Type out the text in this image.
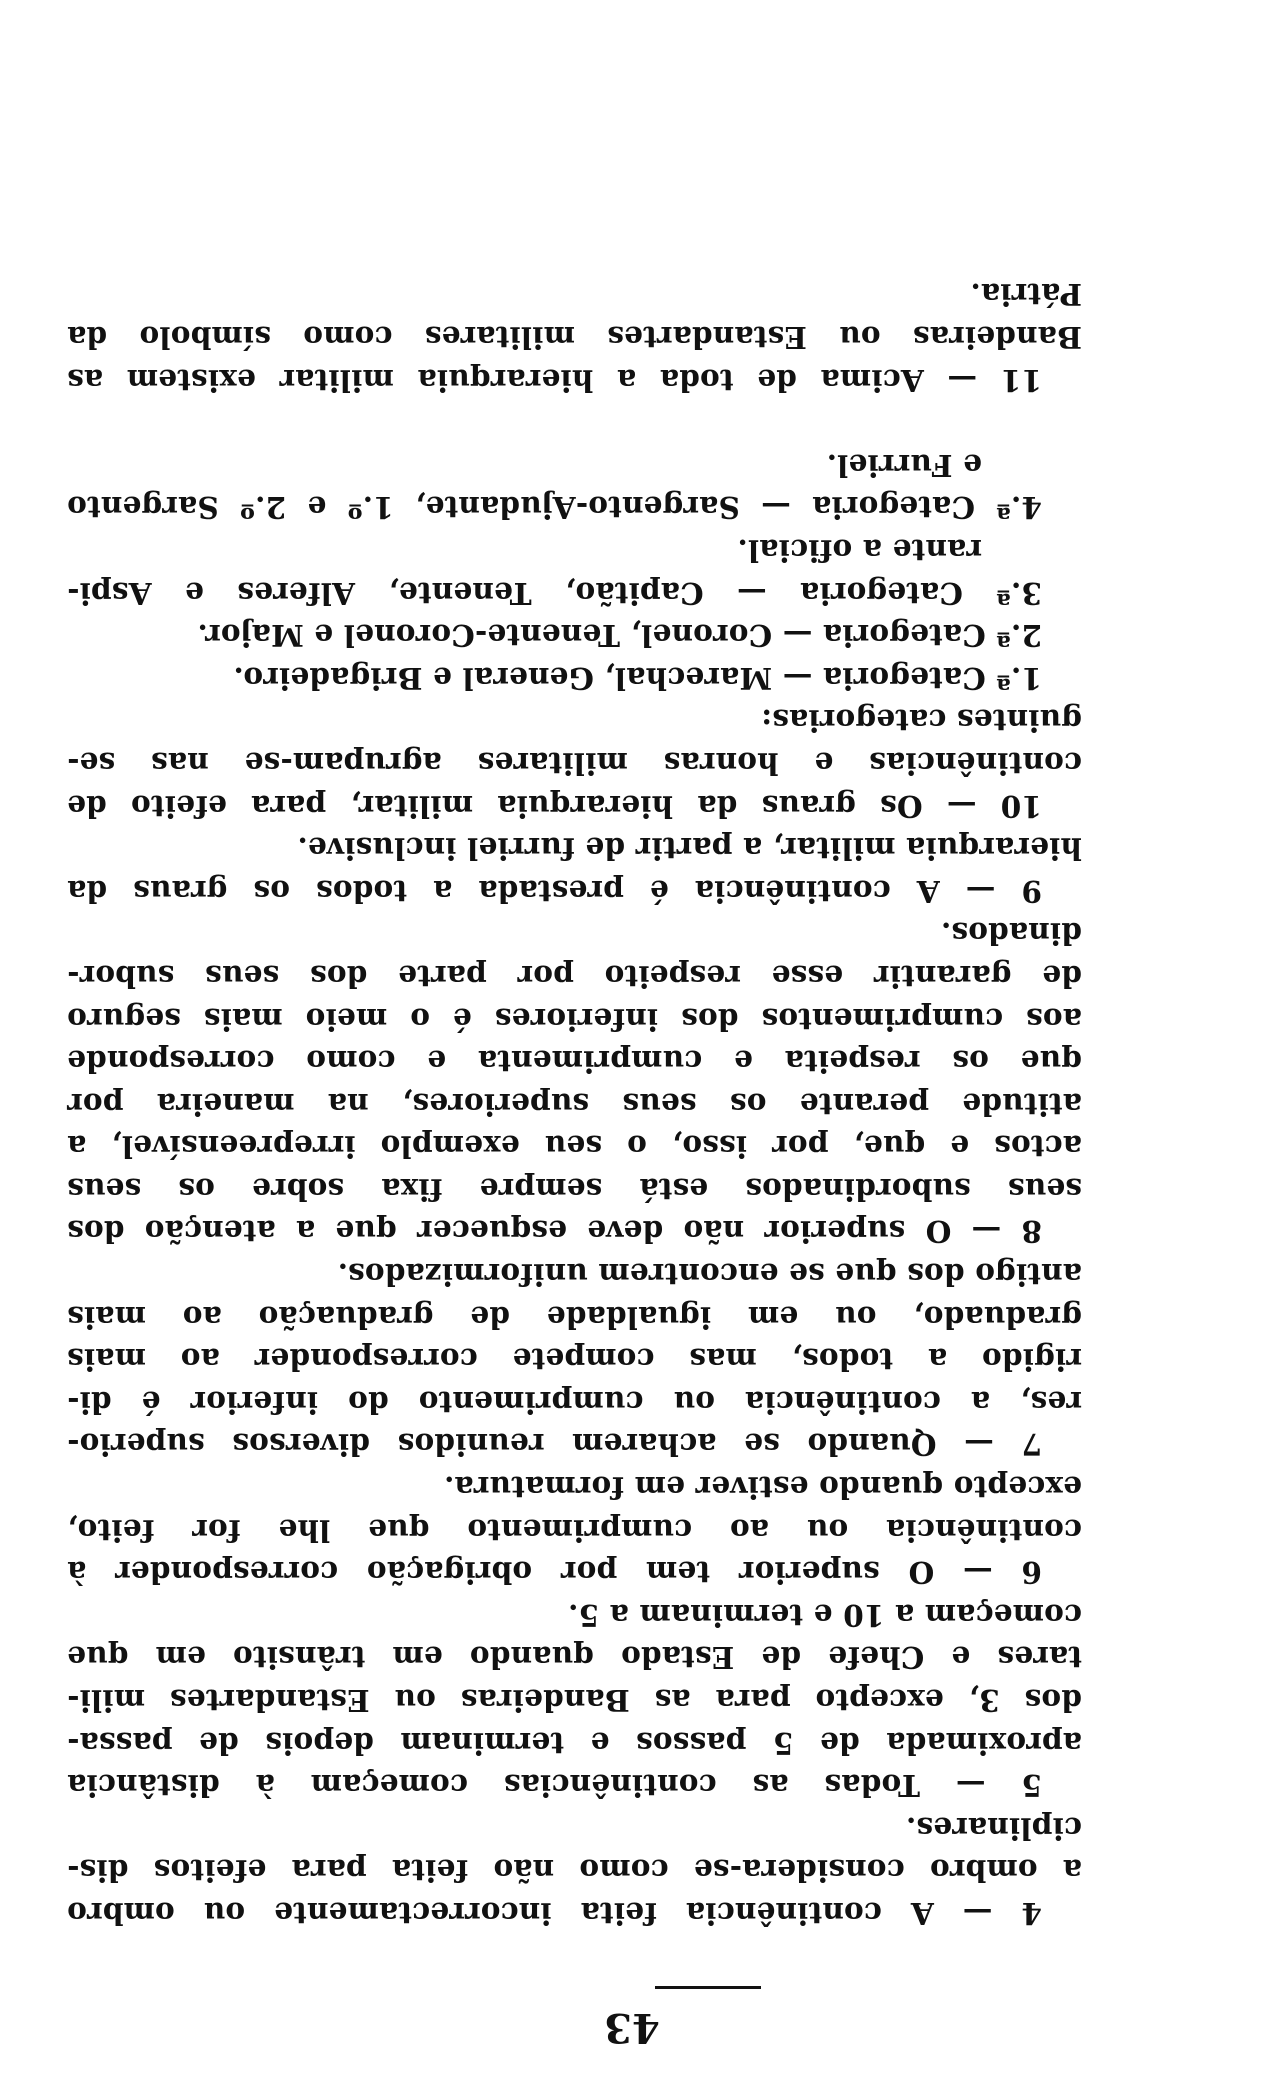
43
4 — A continência feita incorrectamente ou ombro
a ombro considera-se como não feita para efeitos dis-
ciplinares.
5 — Todas as continências começam à distância
aproximada de 5 passos e terminam depois de passa-
dos 3, excepto para as Bandeiras ou Estandartes mili-
tares e Chefe de Estado quando em trânsito em que
começam a 10 e terminam a 5.
6 — O superior tem por obrigação corresponder à
continência ou ao cumprimento que lhe for feito,
excepto quando estiver em formatura.
7 — Quando se acharem reunidos diversos superio-
res, a continência ou cumprimento do inferior é di-
rigido a todos, mas compete corresponder ao mais
graduado, ou em igualdade de graduação ao mais
antigo dos que se encontrem uniformizados.
8 — O superior não deve esquecer que a atenção dos
seus subordinados está sempre fixa sobre os seus
actos e que, por isso, o seu exemplo irrepreensível, a
atitude perante os seus superiores, na maneira por
que os respeita e cumprimenta e como corresponde
aos cumprimentos dos inferiores é o meio mais seguro
de garantir esse respeito por parte dos seus subor-
dinados.
9 — A continência é prestada a todos os graus da
hierarquia militar, a partir de furriel inclusive.
10 — Os graus da hierarquia militar, para efeito de
continências e honras militares agrupam-se nas se-
guintes categorias:
1.ª Categoria — Marechal, General e Brigadeiro.
2.ª Categoria — Coronel, Tenente-Coronel e Major.
3.ª Categoria — Capitão, Tenente, Alferes e Aspi-
rante a oficial.
4.ª Categoria — Sargento-Ajudante, 1.º e 2.º Sargento
e Furriel.
11 — Acima de toda a hierarquia militar existem as
Bandeiras ou Estandartes militares como símbolo da
Pátria.
